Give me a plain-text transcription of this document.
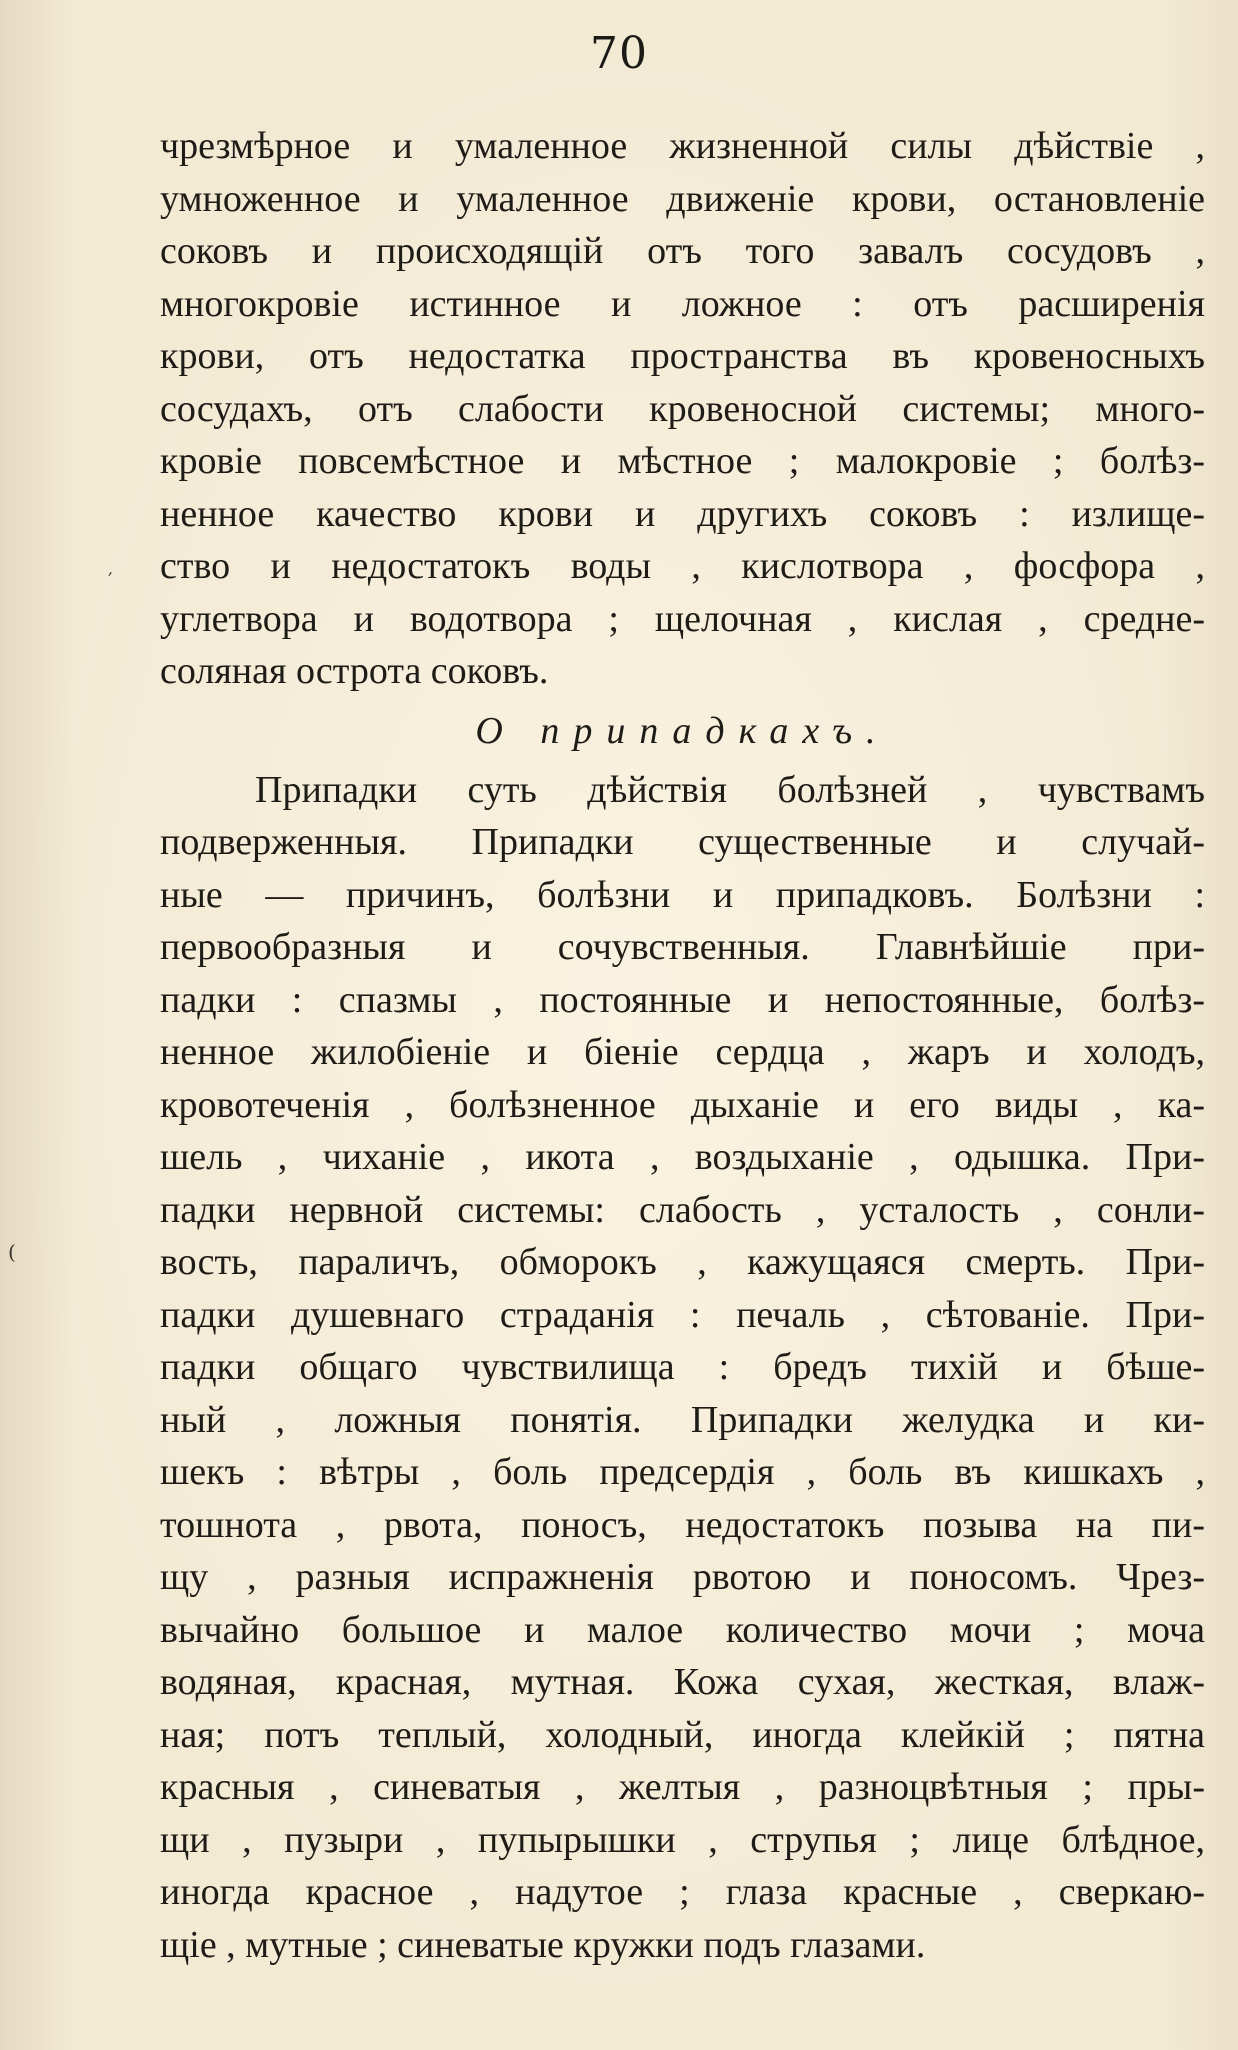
70
′
(
чрезмѣрное и умаленное жизненной силы дѣйствіе ,
умноженное и умаленное движеніе крови, остановленіе
соковъ и происходящій отъ того завалъ сосудовъ ,
многокровіе истинное и ложное : отъ расширенія
крови, отъ недостатка пространства въ кровеносныхъ
сосудахъ, отъ слабости кровеносной системы; много-
кровіе повсемѣстное и мѣстное ; малокровіе ; болѣз-
ненное качество крови и другихъ соковъ : излище-
ство и недостатокъ воды , кислотвора , фосфора ,
углетвора и водотвора ; щелочная , кислая , средне-
соляная острота соковъ.
О припадкахъ.
Припадки суть дѣйствія болѣзней , чувствамъ
подверженныя. Припадки существенные и случай-
ные — причинъ, болѣзни и припадковъ. Болѣзни :
первообразныя и сочувственныя. Главнѣйшіе при-
падки : спазмы , постоянные и непостоянные, болѣз-
ненное жилобіеніе и біеніе сердца , жаръ и холодъ,
кровотеченія , болѣзненное дыханіе и его виды , ка-
шель , чиханіе , икота , воздыханіе , одышка. При-
падки нервной системы: слабость , усталость , сонли-
вость, параличъ, обморокъ , кажущаяся смерть. При-
падки душевнаго страданія : печаль , сѣтованіе. При-
падки общаго чувствилища : бредъ тихій и бѣше-
ный , ложныя понятія. Припадки желудка и ки-
шекъ : вѣтры , боль предсердія , боль въ кишкахъ ,
тошнота , рвота, поносъ, недостатокъ позыва на пи-
щу , разныя испражненія рвотою и поносомъ. Чрез-
вычайно большое и малое количество мочи ; моча
водяная, красная, мутная. Кожа сухая, жесткая, влаж-
ная; потъ теплый, холодный, иногда клейкій ; пятна
красныя , синеватыя , желтыя , разноцвѣтныя ; пры-
щи , пузыри , пупырышки , струпья ; лице блѣдное,
иногда красное , надутое ; глаза красные , сверкаю-
щіе , мутные ; синеватые кружки подъ глазами.
